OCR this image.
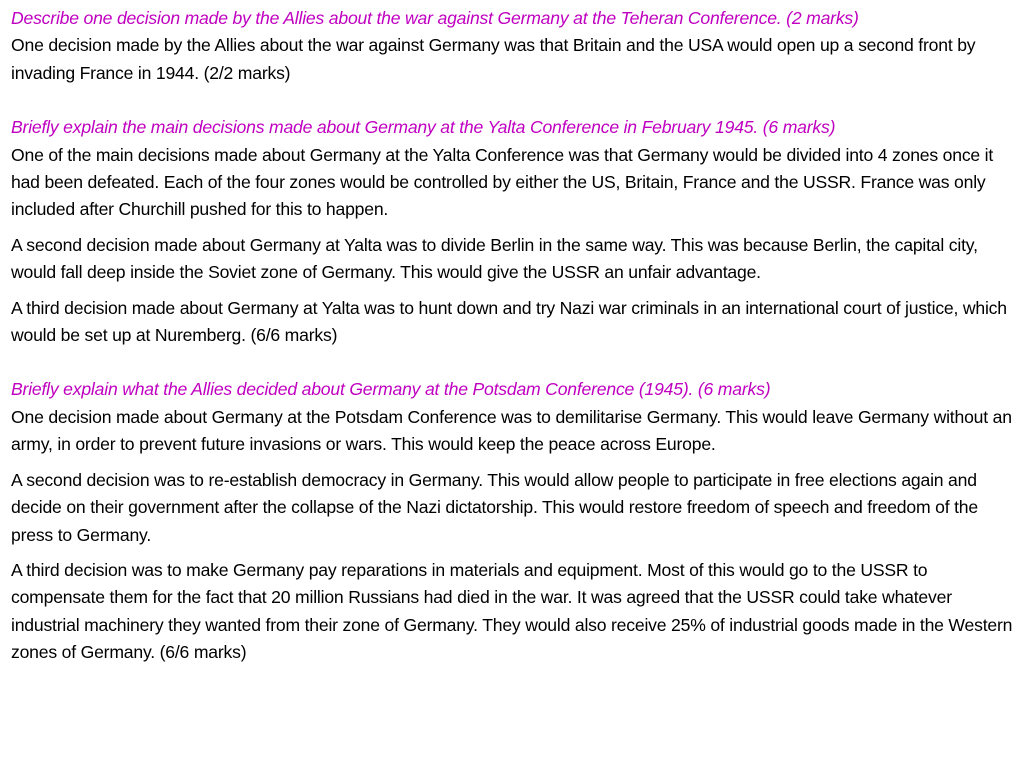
Describe one decision made by the Allies about the war against Germany at the Teheran Conference. (2 marks)

One decision made by the Allies about the war against Germany was that Britain and the USA would open up a second front by invading France in 1944. (2/2 marks)

Briefly explain the main decisions made about Germany at the Yalta Conference in February 1945. (6 marks)

One of the main decisions made about Germany at the Yalta Conference was that Germany would be divided into 4 zones once it had been defeated. Each of the four zones would be controlled by either the US, Britain, France and the USSR. France was only included after Churchill pushed for this to happen.

A second decision made about Germany at Yalta was to divide Berlin in the same way. This was because Berlin, the capital city, would fall deep inside the Soviet zone of Germany. This would give the USSR an unfair advantage.

A third decision made about Germany at Yalta was to hunt down and try Nazi war criminals in an international court of justice, which would be set up at Nuremberg. (6/6 marks)

Briefly explain what the Allies decided about Germany at the Potsdam Conference (1945). (6 marks)

One decision made about Germany at the Potsdam Conference was to demilitarise Germany. This would leave Germany without an army, in order to prevent future invasions or wars. This would keep the peace across Europe.

A second decision was to re-establish democracy in Germany. This would allow people to participate in free elections again and decide on their government after the collapse of the Nazi dictatorship. This would restore freedom of speech and freedom of the press to Germany.

A third decision was to make Germany pay reparations in materials and equipment. Most of this would go to the USSR to compensate them for the fact that 20 million Russians had died in the war. It was agreed that the USSR could take whatever industrial machinery they wanted from their zone of Germany. They would also receive 25% of industrial goods made in the Western zones of Germany. (6/6 marks)
